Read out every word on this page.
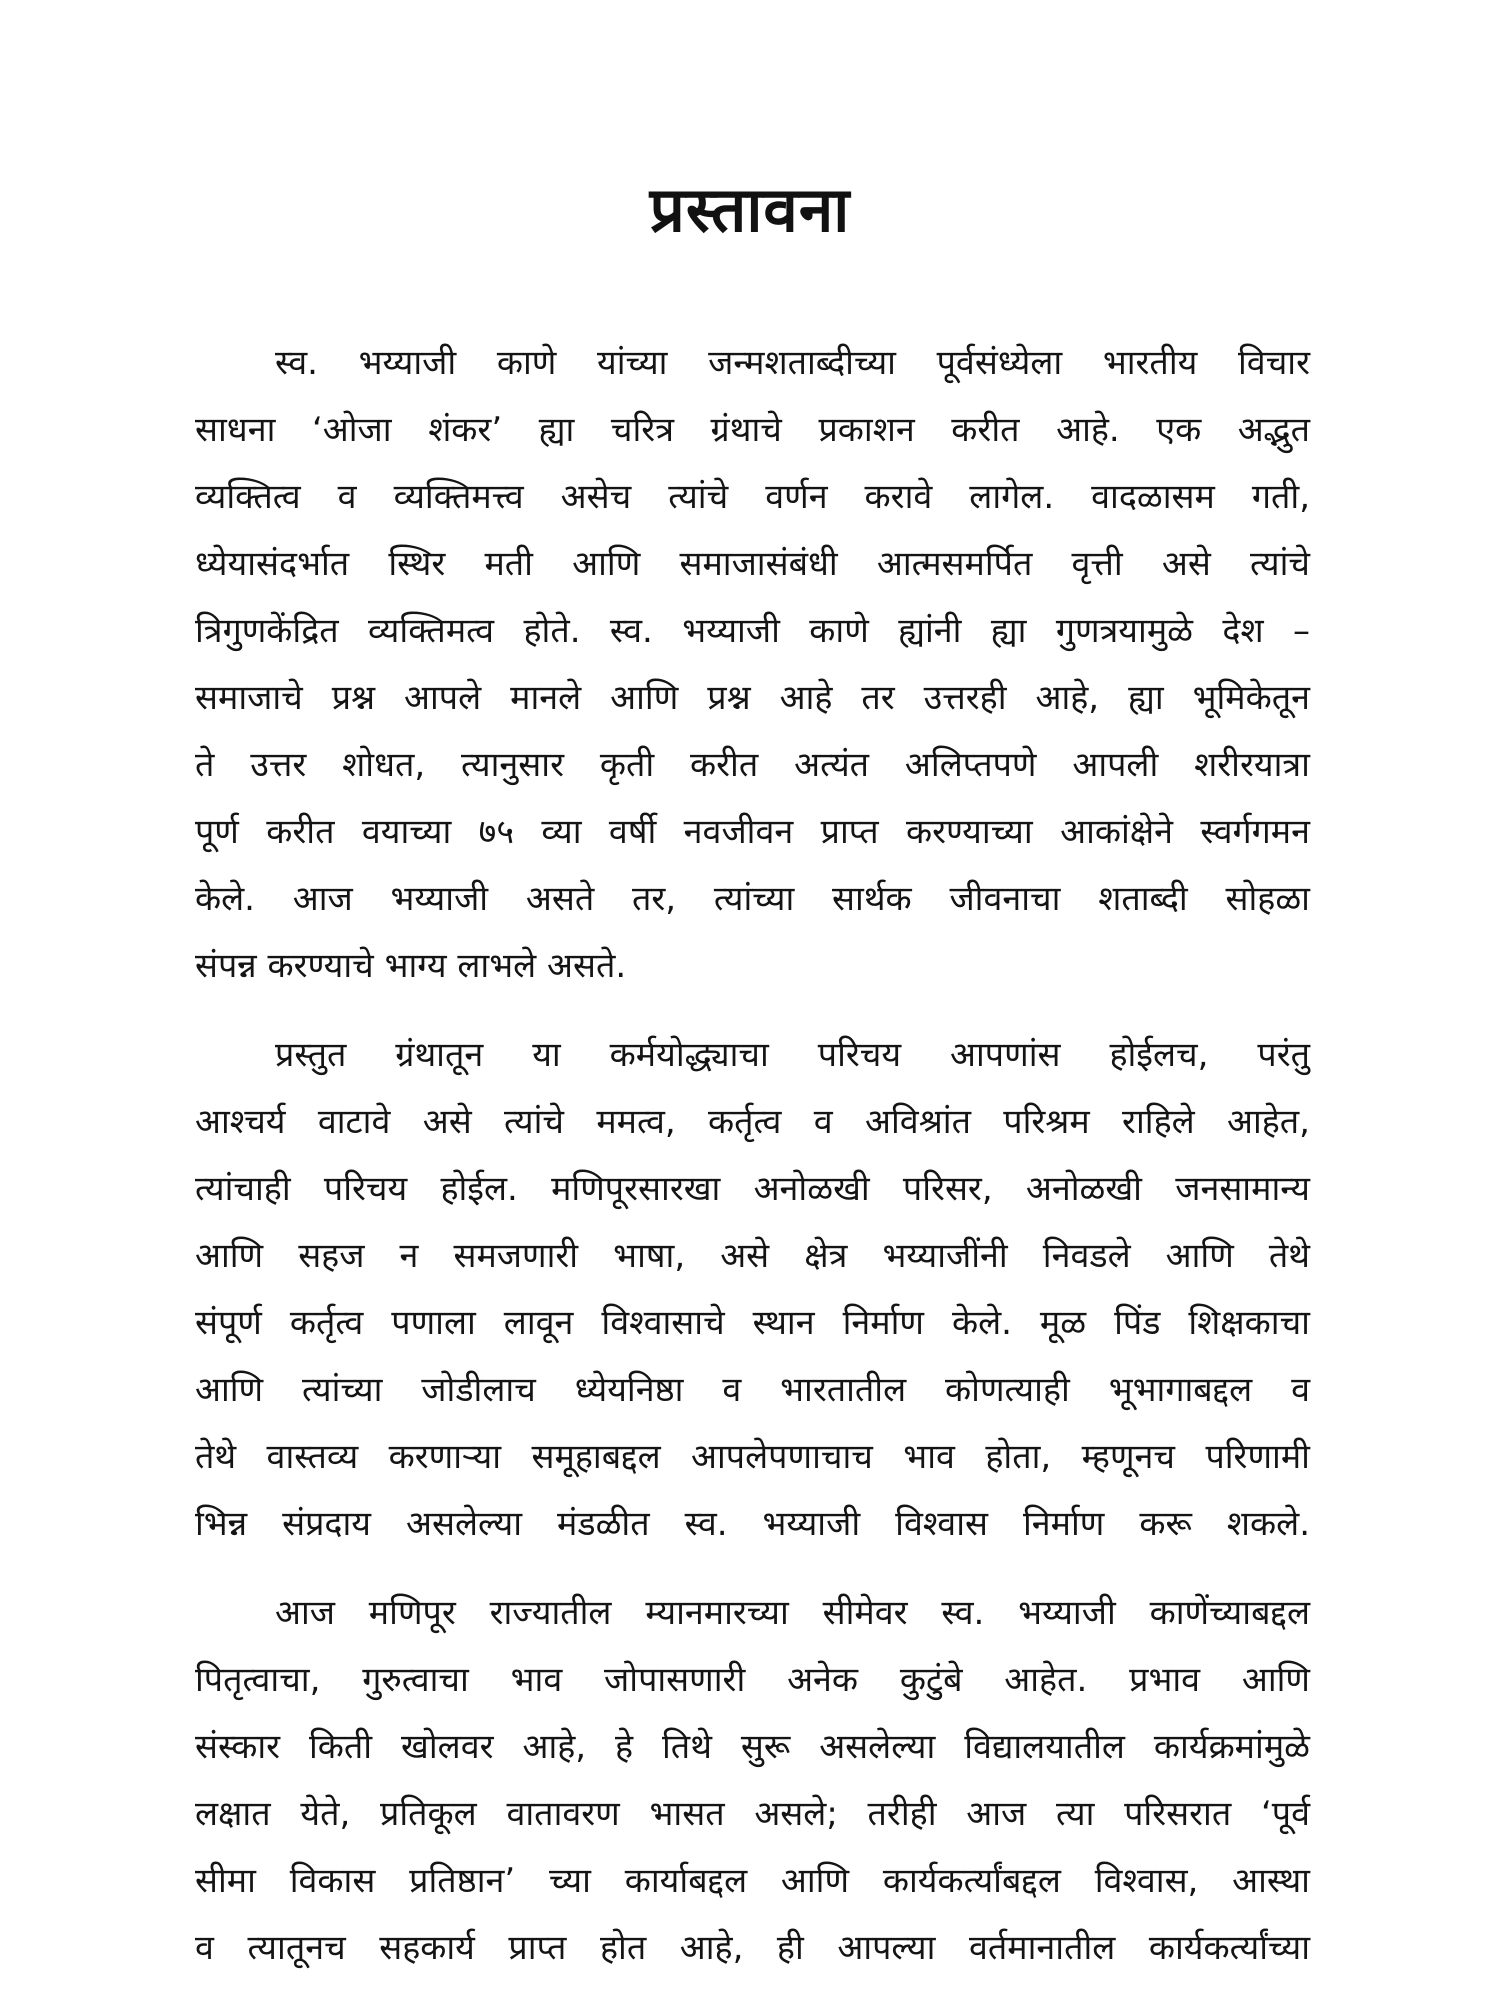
प्रस्तावना

स्व. भय्याजी काणे यांच्या जन्मशताब्दीच्या पूर्वसंध्येला भारतीय विचार
साधना ‘ओजा शंकर’ ह्या चरित्र ग्रंथाचे प्रकाशन करीत आहे. एक अद्भुत
व्यक्तित्व व व्यक्तिमत्त्व असेच त्यांचे वर्णन करावे लागेल. वादळासम गती,
ध्येयासंदर्भात स्थिर मती आणि समाजासंबंधी आत्मसमर्पित वृत्ती असे त्यांचे
त्रिगुणकेंद्रित व्यक्तिमत्व होते. स्व. भय्याजी काणे ह्यांनी ह्या गुणत्रयामुळे देश –
समाजाचे प्रश्न आपले मानले आणि प्रश्न आहे तर उत्तरही आहे, ह्या भूमिकेतून
ते उत्तर शोधत, त्यानुसार कृती करीत अत्यंत अलिप्तपणे आपली शरीरयात्रा
पूर्ण करीत वयाच्या ७५ व्या वर्षी नवजीवन प्राप्त करण्याच्या आकांक्षेने स्वर्गगमन
केले. आज भय्याजी असते तर, त्यांच्या सार्थक जीवनाचा शताब्दी सोहळा
संपन्न करण्याचे भाग्य लाभले असते.

प्रस्तुत ग्रंथातून या कर्मयोद्ध्याचा परिचय आपणांस होईलच, परंतु
आश्चर्य वाटावे असे त्यांचे ममत्व, कर्तृत्व व अविश्रांत परिश्रम राहिले आहेत,
त्यांचाही परिचय होईल. मणिपूरसारखा अनोळखी परिसर, अनोळखी जनसामान्य
आणि सहज न समजणारी भाषा, असे क्षेत्र भय्याजींनी निवडले आणि तेथे
संपूर्ण कर्तृत्व पणाला लावून विश्वासाचे स्थान निर्माण केले. मूळ पिंड शिक्षकाचा
आणि त्यांच्या जोडीलाच ध्येयनिष्ठा व भारतातील कोणत्याही भूभागाबद्दल व
तेथे वास्तव्य करणाऱ्या समूहाबद्दल आपलेपणाचाच भाव होता, म्हणूनच परिणामी
भिन्न संप्रदाय असलेल्या मंडळीत स्व. भय्याजी विश्वास निर्माण करू शकले.

आज मणिपूर राज्यातील म्यानमारच्या सीमेवर स्व. भय्याजी काणेंच्याबद्दल
पितृत्वाचा, गुरुत्वाचा भाव जोपासणारी अनेक कुटुंबे आहेत. प्रभाव आणि
संस्कार किती खोलवर आहे, हे तिथे सुरू असलेल्या विद्यालयातील कार्यक्रमांमुळे
लक्षात येते, प्रतिकूल वातावरण भासत असले; तरीही आज त्या परिसरात ‘पूर्व
सीमा विकास प्रतिष्ठान’ च्या कार्याबद्दल आणि कार्यकर्त्यांबद्दल विश्वास, आस्था
व त्यातूनच सहकार्य प्राप्त होत आहे, ही आपल्या वर्तमानातील कार्यकर्त्यांच्या
